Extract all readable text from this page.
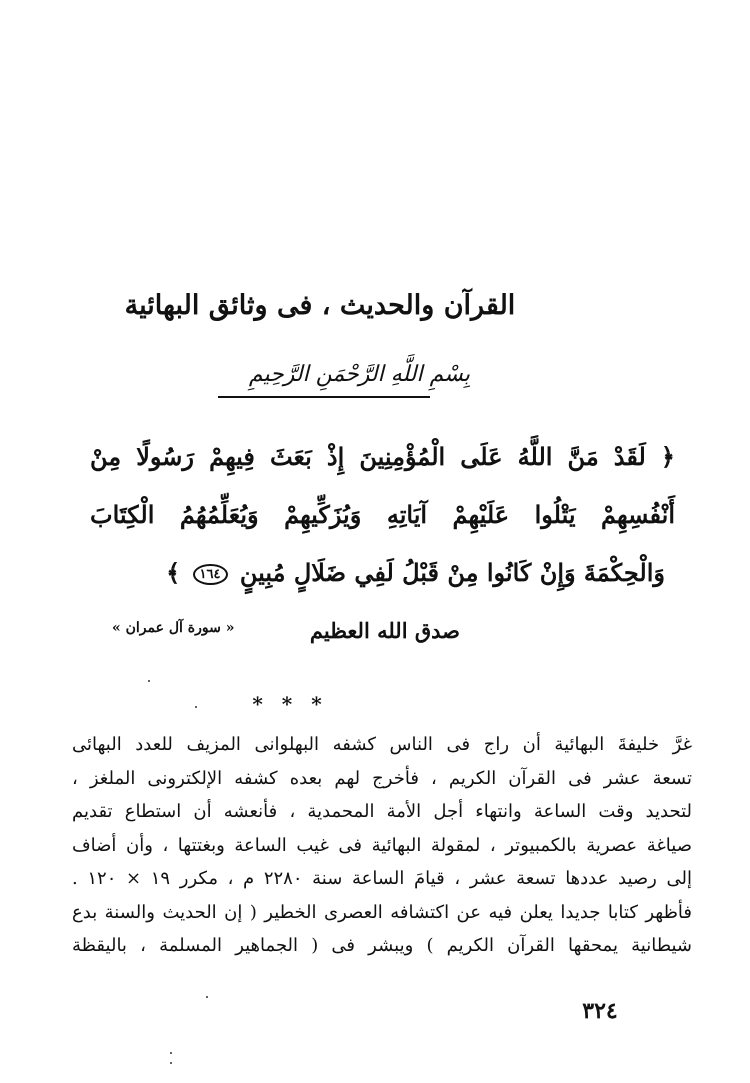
القرآن والحديث ، فى وثائق البهائية
بِسْمِ اللَّهِ الرَّحْمَنِ الرَّحِيمِ
﴿ لَقَدْ مَنَّ اللَّهُ عَلَى الْمُؤْمِنِينَ إِذْ بَعَثَ فِيهِمْ رَسُولًا مِنْ
أَنْفُسِهِمْ يَتْلُوا عَلَيْهِمْ آيَاتِهِ وَيُزَكِّيهِمْ وَيُعَلِّمُهُمُ الْكِتَابَ
وَالْحِكْمَةَ وَإِنْ كَانُوا مِنْ قَبْلُ لَفِي ضَلَالٍ مُبِينٍ ١٦٤ ﴾
صدق الله العظيم
« سورة آل عمران »
* * *
غرَّ خليفةَ البهائية أن راج فى الناس كشفه البهلوانى المزيف للعدد البهائى
تسعة عشر فى القرآن الكريم ، فأخرج لهم بعده كشفه الإلكترونى الملغز ،
لتحديد وقت الساعة وانتهاء أجل الأمة المحمدية ، فأنعشه أن استطاع تقديم
صياغة عصرية بالكمبيوتر ، لمقولة البهائية فى غيب الساعة وبغتتها ، وأن أضاف
إلى رصيد عددها تسعة عشر ، قيامَ الساعة سنة ٢٢٨٠ م ، مكرر ١٩ × ١٢٠ .
فأظهر كتابا جديدا يعلن فيه عن اكتشافه العصرى الخطير ( إن الحديث والسنة بدع
شيطانية يمحقها القرآن الكريم ) ويبشر فى ( الجماهير المسلمة ، باليقظة
٣٢٤
